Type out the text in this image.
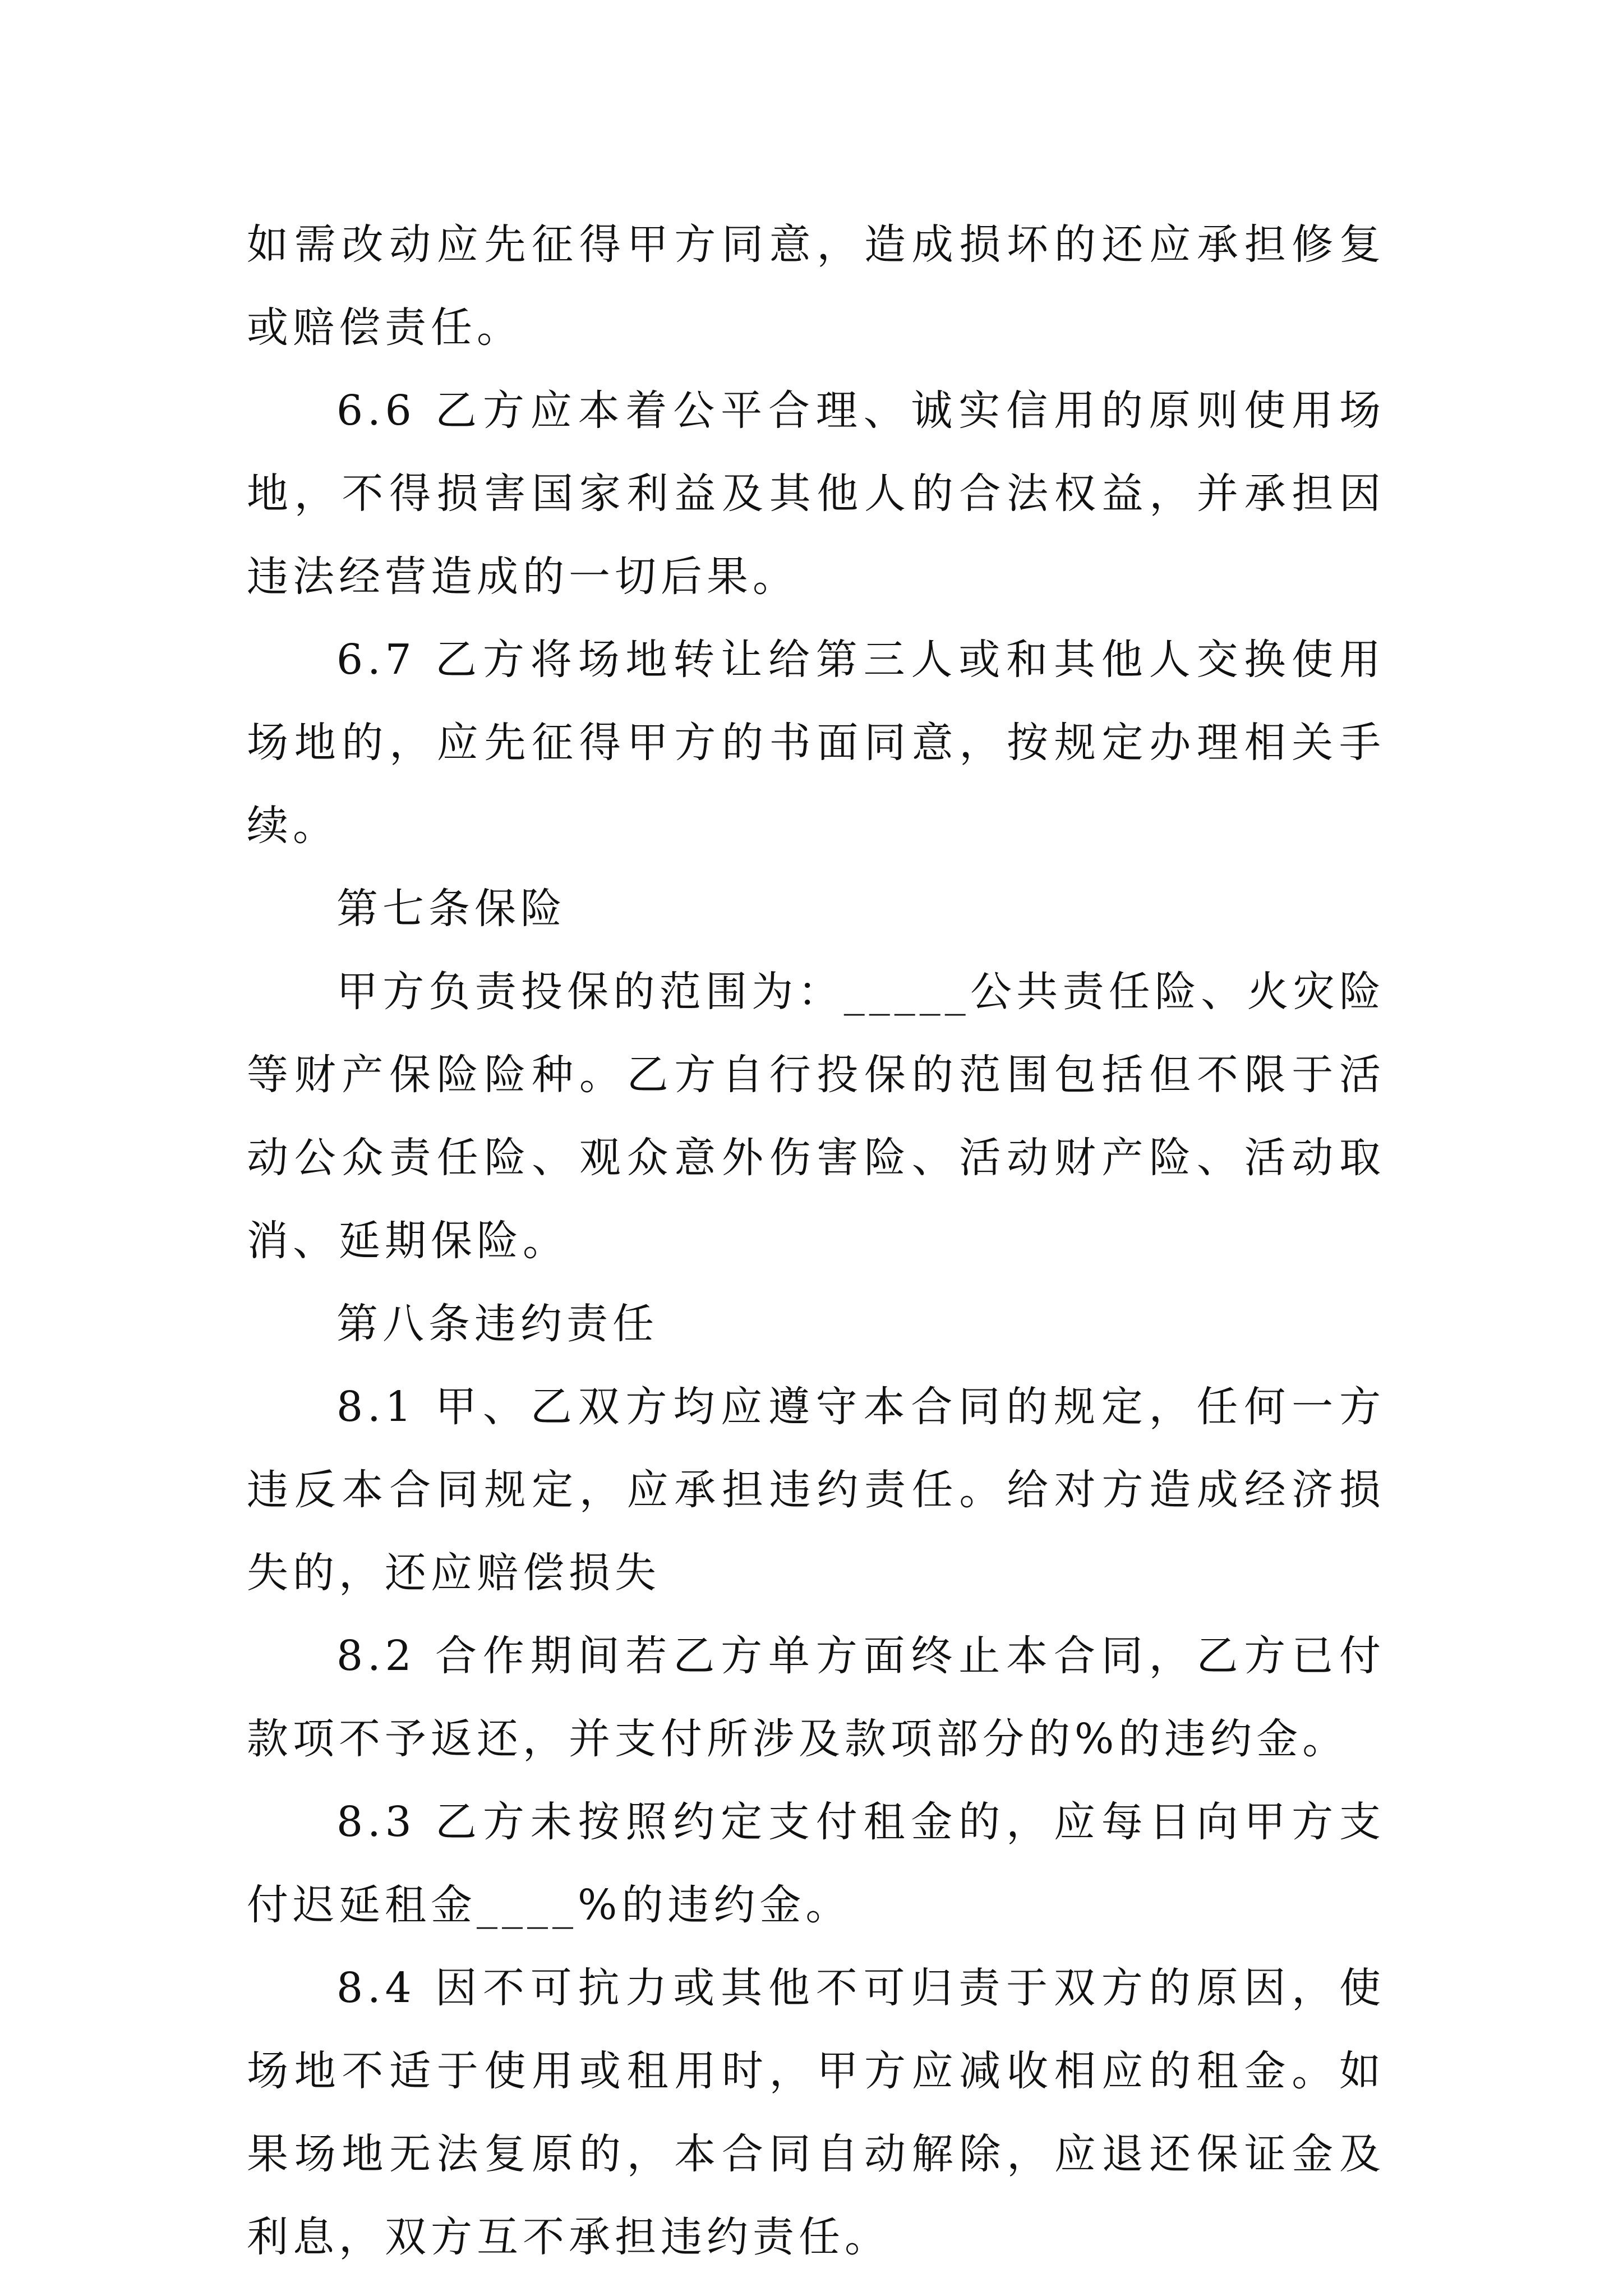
如需改动应先征得甲方同意，造成损坏的还应承担修复或赔偿责任。

6.6 乙方应本着公平合理、诚实信用的原则使用场地，不得损害国家利益及其他人的合法权益，并承担因违法经营造成的一切后果。

6.7 乙方将场地转让给第三人或和其他人交换使用场地的，应先征得甲方的书面同意，按规定办理相关手续。

第七条保险

甲方负责投保的范围为：_____公共责任险、火灾险等财产保险险种。乙方自行投保的范围包括但不限于活动公众责任险、观众意外伤害险、活动财产险、活动取消、延期保险。

第八条违约责任

8.1 甲、乙双方均应遵守本合同的规定，任何一方违反本合同规定，应承担违约责任。给对方造成经济损失的，还应赔偿损失

8.2 合作期间若乙方单方面终止本合同，乙方已付款项不予返还，并支付所涉及款项部分的%的违约金。

8.3 乙方未按照约定支付租金的，应每日向甲方支付迟延租金____%的违约金。

8.4 因不可抗力或其他不可归责于双方的原因，使场地不适于使用或租用时，甲方应减收相应的租金。如果场地无法复原的，本合同自动解除，应退还保证金及利息，双方互不承担违约责任。
